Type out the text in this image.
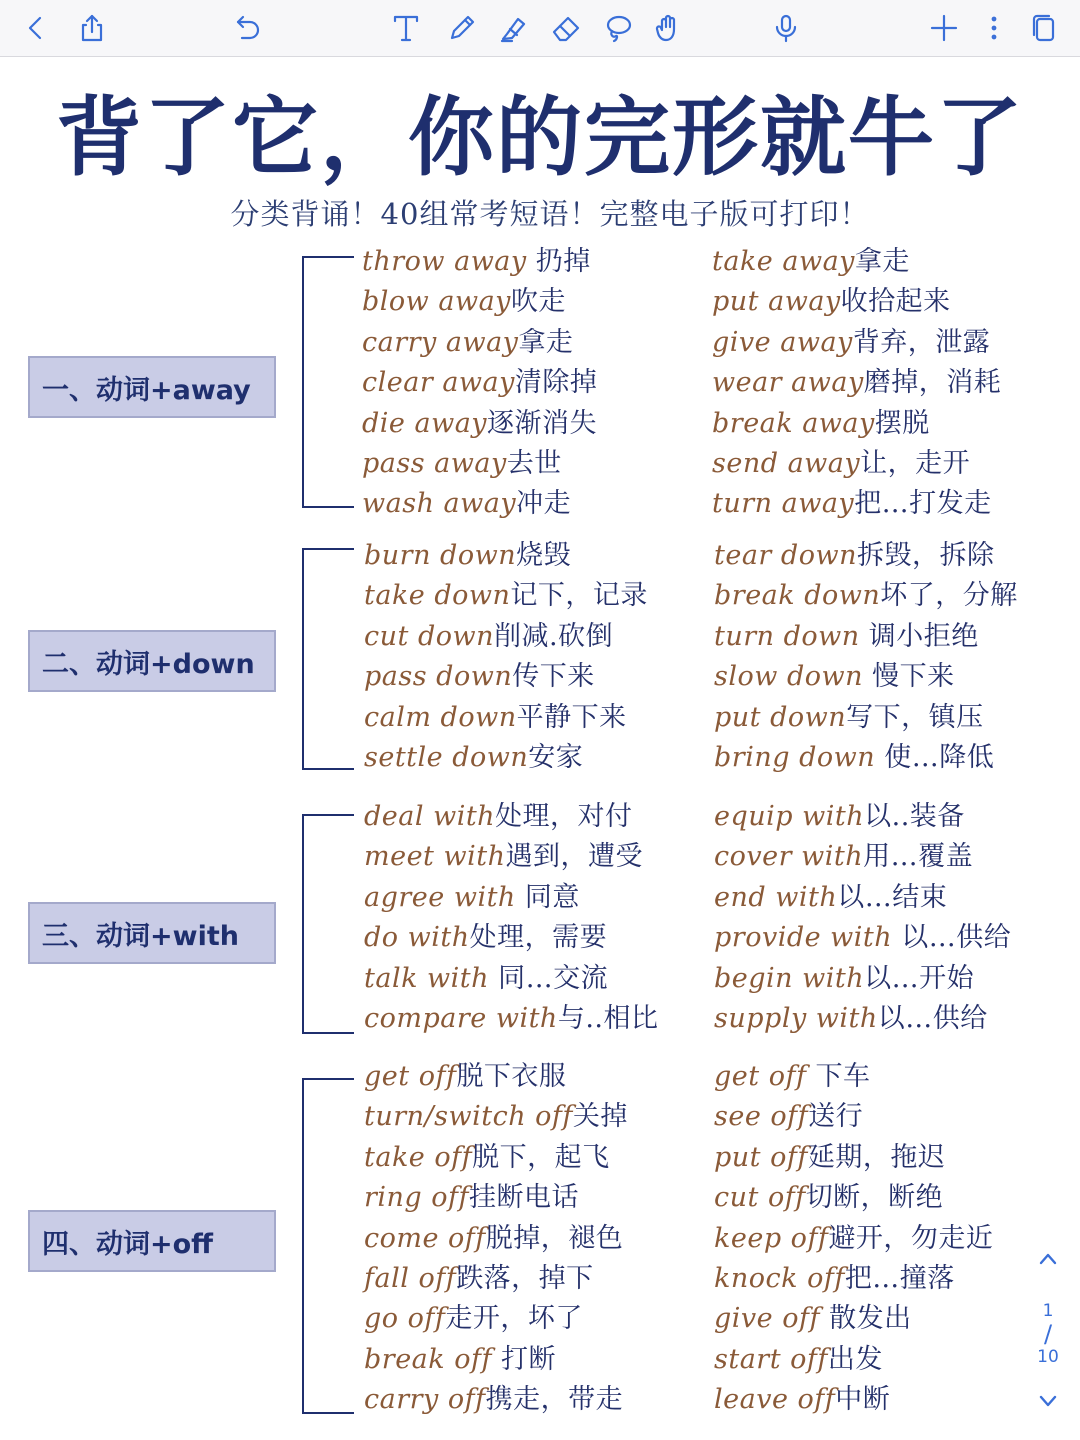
背了它，你的完形就牛了
分类背诵！40组常考短语！完整电子版可打印！
一、动词+away
throw away 扔掉
blow away吹走
carry away拿走
clear away清除掉
die away逐渐消失
pass away去世
wash away冲走
take away拿走
put away收拾起来
give away背弃，泄露
wear away磨掉，消耗
break away摆脱
send away让，走开
turn away把…打发走
二、动词+down
burn down烧毁
take down记下，记录
cut down削减.砍倒
pass down传下来
calm down平静下来
settle down安家
tear down拆毁，拆除
break down坏了，分解
turn down 调小拒绝
slow down 慢下来
put down写下，镇压
bring down 使…降低
三、动词+with
deal with处理，对付
meet with遇到，遭受
agree with 同意
do with处理，需要
talk with 同…交流
compare with与..相比
equip with以..装备
cover with用…覆盖
end with以…结束
provide with 以…供给
begin with以…开始
supply with以…供给
四、动词+off
get off脱下衣服
turn/switch off关掉
take off脱下，起飞
ring off挂断电话
come off脱掉，褪色
fall off跌落，掉下
go off走开，坏了
break off 打断
carry off携走，带走
get off 下车
see off送行
put off延期，拖迟
cut off切断，断绝
keep off避开，勿走近
knock off把…撞落
give off 散发出
start off出发
leave off中断
1
/
10
